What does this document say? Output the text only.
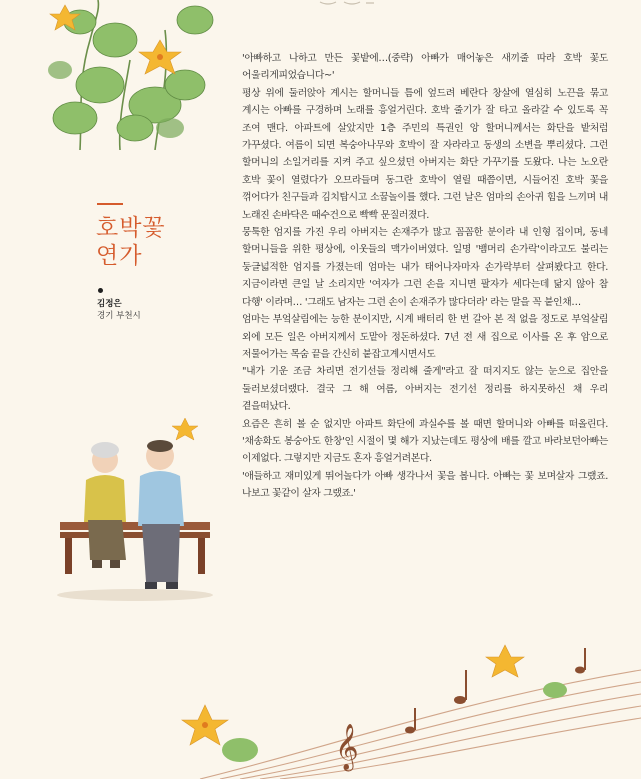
호박꽃
연가
김정은
경기 부천시
𝄞

'아빠하고 나하고 만든 꽃밭에…(중략) 아빠가 매어놓은 새끼줄 따라 호박 꽃도 어울리게피었습니다~'

평상 위에 둘러앉아 계시는 할머니들 틈에 엎드려 베란다 창살에 열심히 노끈을 묶고 계시는 아빠를 구경하며 노래를 흥얼거린다. 호박 줄기가 잘 타고 올라갈 수 있도록 꼭 조여 맨다. 아파트에 살았지만 1층 주민의 특권인 앙 할머니께서는 화단을 밭처럼 가꾸셨다. 여름이 되면 복숭아나무와 호박이 잘 자라라고 동생의 소변을 뿌리셨다. 그런 할머니의 소일거리를 지켜 주고 싶으셨던 아버지는 화단 가꾸기를 도왔다. 나는 노오란 호박 꽃이 열렸다가 오므라들며 동그란 호박이 열릴 때쯤이면, 시들어진 호박 꽃을 꺾어다가 친구들과 김치탑시고 소꿉놀이를 했다. 그런 날은 엄마의 손아귀 힘을 느끼며 내 노래진 손바닥은 때수건으로 빡빡 문질러졌다.

뭉툭한 엄지를 가진 우리 아버지는 손재주가 많고 꼼꼼한 분이라 내 인형 집이며, 동네 할머니들을 위한 평상에, 이웃들의 맥가이버였다. 일명 '뱀머리 손가락'이라고도 불리는 둥글넓적한 엄지를 가졌는데 엄마는 내가 태어나자마자 손가락부터 살펴봤다고 한다. 지금이라면 큰일 날 소리지만 '여자가 그런 손을 지니면 팔자가 세다는데 닮지 않아 참 다행' 이라며… '그래도 남자는 그런 손이 손재주가 많다더라' 라는 말을 꼭 붙인채…

엄마는 부엌살림에는 능한 분이지만, 시계 배터리 한 번 갈아 본 적 없을 정도로 부엌살림 외에 모든 일은 아버지께서 도맡아 정돈하셨다. 7년 전 새 집으로 이사를 온 후 암으로 저물어가는 목숨 끝을 간신히 붙잡고계시면서도

"내가 기운 조금 차리면 전기선들 정리해 줄게"라고 잘 떠지지도 않는 눈으로 집안을 둘러보셨더랬다. 결국 그 해 여름, 아버지는 전기선 정리를 하지못하신 채 우리 곁을떠났다.

요즘은 흔히 볼 순 없지만 아파트 화단에 과실수를 볼 때면 할머니와 아빠를 떠올린다. '채송화도 봉숭아도 한창'인 시절이 몇 해가 지났는데도 평상에 배를 깔고 바라보던아빠는 이제없다. 그렇지만 지금도 혼자 흥얼거려본다.

'애들하고 재미있게 뛰어놀다가 아빠 생각나서 꽃을 봅니다. 아빠는 꽃 보며살자 그랬죠. 나보고 꽃같이 살자 그랬죠.'
